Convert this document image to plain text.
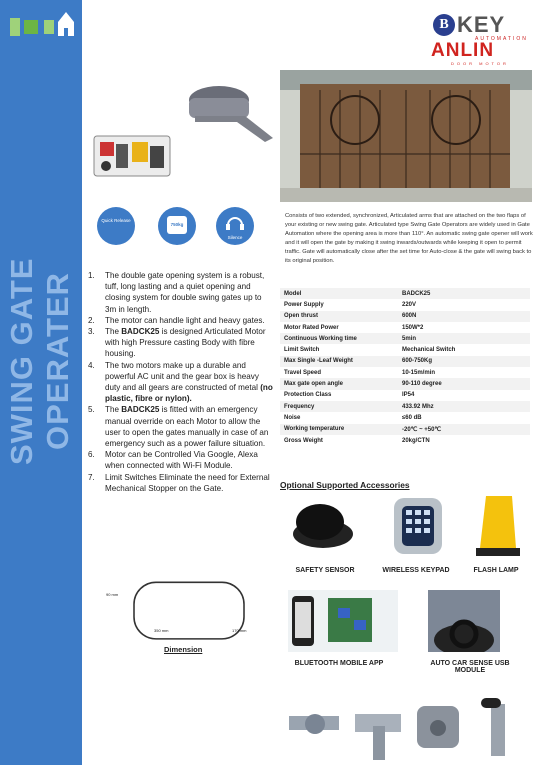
SWING GATE OPERATER
B KEY
AUTOMATION
ANLIN
DOOR MOTOR
Quick Release
750kg
Silence
1. The double gate opening system is a robust, tuff, long lasting and a quiet opening and closing system for double swing gates up to 3m in length.
2. The motor can handle light and heavy gates.
3. The BADCK25 is designed Articulated Motor with high Pressure casting Body with fibre housing.
4. The two motors make up a durable and powerful AC unit and the gear box is heavy duty and all gears are constructed of metal (no plastic, fibre or nylon).
5. The BADCK25 is fitted with an emergency manual override on each Motor to allow the user to open the gates manually in case of an emergency such as a power failure situation.
6. Motor can be Controlled Via Google, Alexa when connected with Wi-Fi Module.
7. Limit Switches Eliminate the need for External Mechanical Stopper on the Gate.

Consists of two extended, synchronized, Articulated arms that are attached on the two flaps of your existing or new swing gate. Articulated type Swing Gate Operators are widely used in Gate Automation where the opening area is more than 110°. An automatic swing gate opener will work and it will open the gate by making it swing inwards/outwards while keeping it open to permit traffic. Gate will automatically close after the set time for Auto-close & the gate will swing back to its original position.

Model	BADCK25
Power Supply	220V
Open thrust	600N
Motor Rated Power	150W*2
Continuous Working time	5min
Limit Switch	Mechanical Switch
Max Single -Leaf Weight	600-750Kg
Travel Speed	10-15m/min
Max gate open angle	90-110 degree
Protection Class	IP54
Frequency	433.92 Mhz
Noise	≤60 dB
Working temperature	-20℃ ~ +50℃
Gross Weight	20kg/CTN
Optional Supported Accessories
SAFETY SENSOR	WIRELESS KEYPAD	FLASH LAMP
BLUETOOTH MOBILE APP	AUTO CAR SENSE USB MODULE
350 mm	170 mm
90 mm
Dimension
